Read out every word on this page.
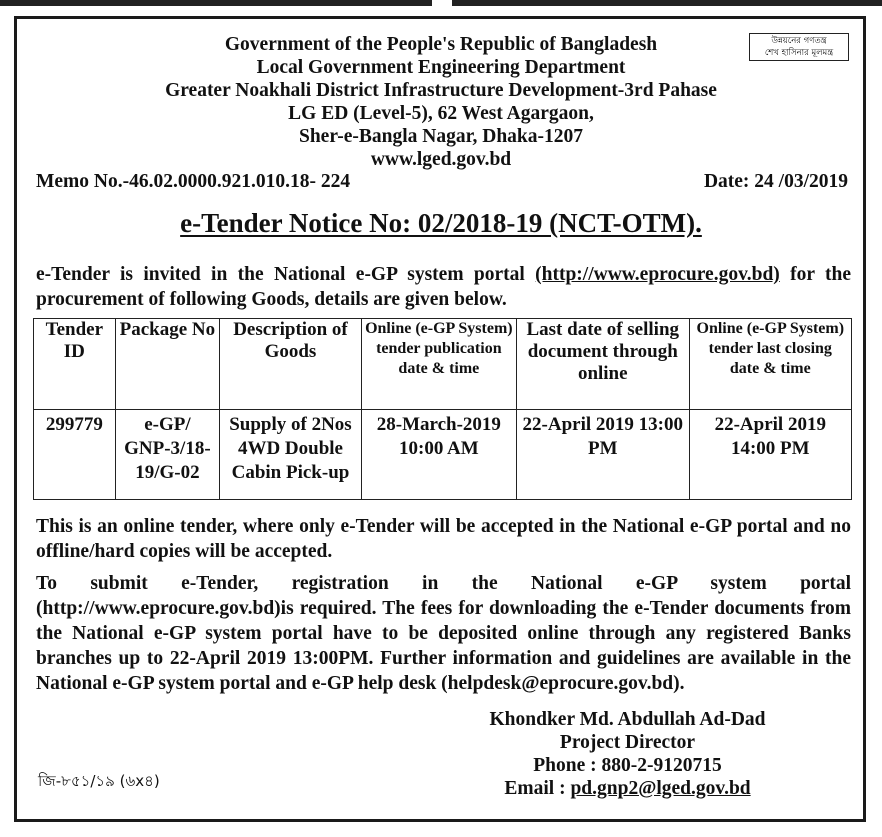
Government of the People's Republic of Bangladesh
Local Government Engineering Department
Greater Noakhali District Infrastructure Development-3rd Pahase
LG ED (Level-5), 62 West Agargaon,
Sher-e-Bangla Nagar, Dhaka-1207
www.lged.gov.bd
উন্নয়নের গণতন্ত্র
শেখ হাসিনার মূলমন্ত্র
Memo No.-46.02.0000.921.010.18- 224	Date: 24 /03/2019
e-Tender Notice No: 02/2018-19 (NCT-OTM).
e-Tender is invited in the National e-GP system portal (http://www.eprocure.gov.bd) for the procurement of following Goods, details are given below.
Tender ID	Package No	Description of Goods	Online (e-GP System) tender publication date & time	Last date of selling document through online	Online (e-GP System) tender last closing date & time
299779	e-GP/ GNP-3/18-19/G-02	Supply of 2Nos 4WD Double Cabin Pick-up	28-March-2019 10:00 AM	22-April 2019 13:00 PM	22-April 2019 14:00 PM
This is an online tender, where only e-Tender will be accepted in the National e-GP portal and no offline/hard copies will be accepted.
To submit e-Tender, registration in the National e-GP system portal (http://www.eprocure.gov.bd)is required. The fees for downloading the e-Tender documents from the National e-GP system portal have to be deposited online through any registered Banks branches up to 22-April 2019 13:00PM. Further information and guidelines are available in the National e-GP system portal and e-GP help desk (helpdesk@eprocure.gov.bd).
Khondker Md. Abdullah Ad-Dad
Project Director
Phone : 880-2-9120715
Email : pd.gnp2@lged.gov.bd
জি-৮৫১/১৯ (৬x৪)
